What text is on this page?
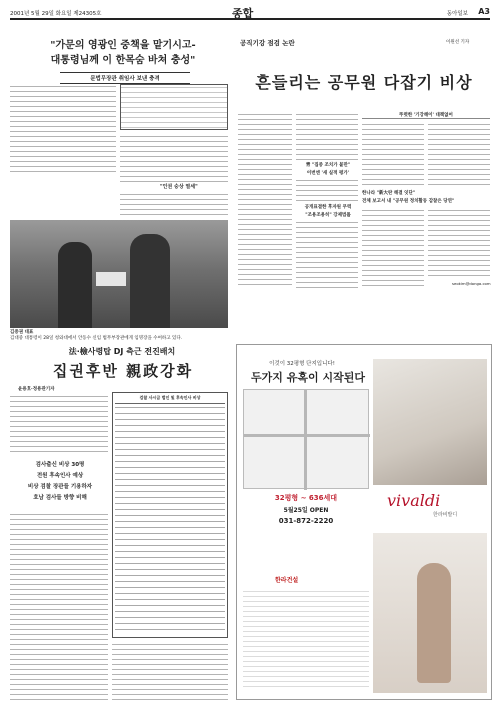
2001년 5월 29일 화요일 제24305호	종합	동아일보 A3
"가문의 영광인 중책을 맡기시고-
대통령님께 이 한목숨 바쳐 충성"
문법무장관 취임사 보낸 충격
"인권 숭상 열세"
김중권 대표
김대중 대통령이 28일 청와대에서 안동수 신임 법무부장관에게 임명장을 수여하고 있다.
法·檢사령탑 DJ 측근 전진배치
집권후반 親政강화
윤용호·정용관기자
검사출신 비상 30명
전원 후속인사 예상
비상 검찰 장관들 기용하자
호남 검사들 방향 비해
검찰 사시급 법인 및 후속인사 비상
공직기강 점검 논란	이원선 기자
흔들리는 공무원 다잡기 비상
靑 "집중 조치가 불만"
이번엔 '새 실적 평가'
공개표결한 후자원 무력
"조용조용히" 강제법률
뚜렷한 '기강해이' 대책없어
한나라 "新大란 해결 잇단"
전체 보고서 내 "공무원 정치활동 감찰은 당연"
seokim@donga.com
이것이 32평형 단지입니다!
두가지 유혹이 시작된다
32평형 ~ 636세대
5월25일 OPEN
031-872-2220
한라건설
vivaldi
한라비발디
